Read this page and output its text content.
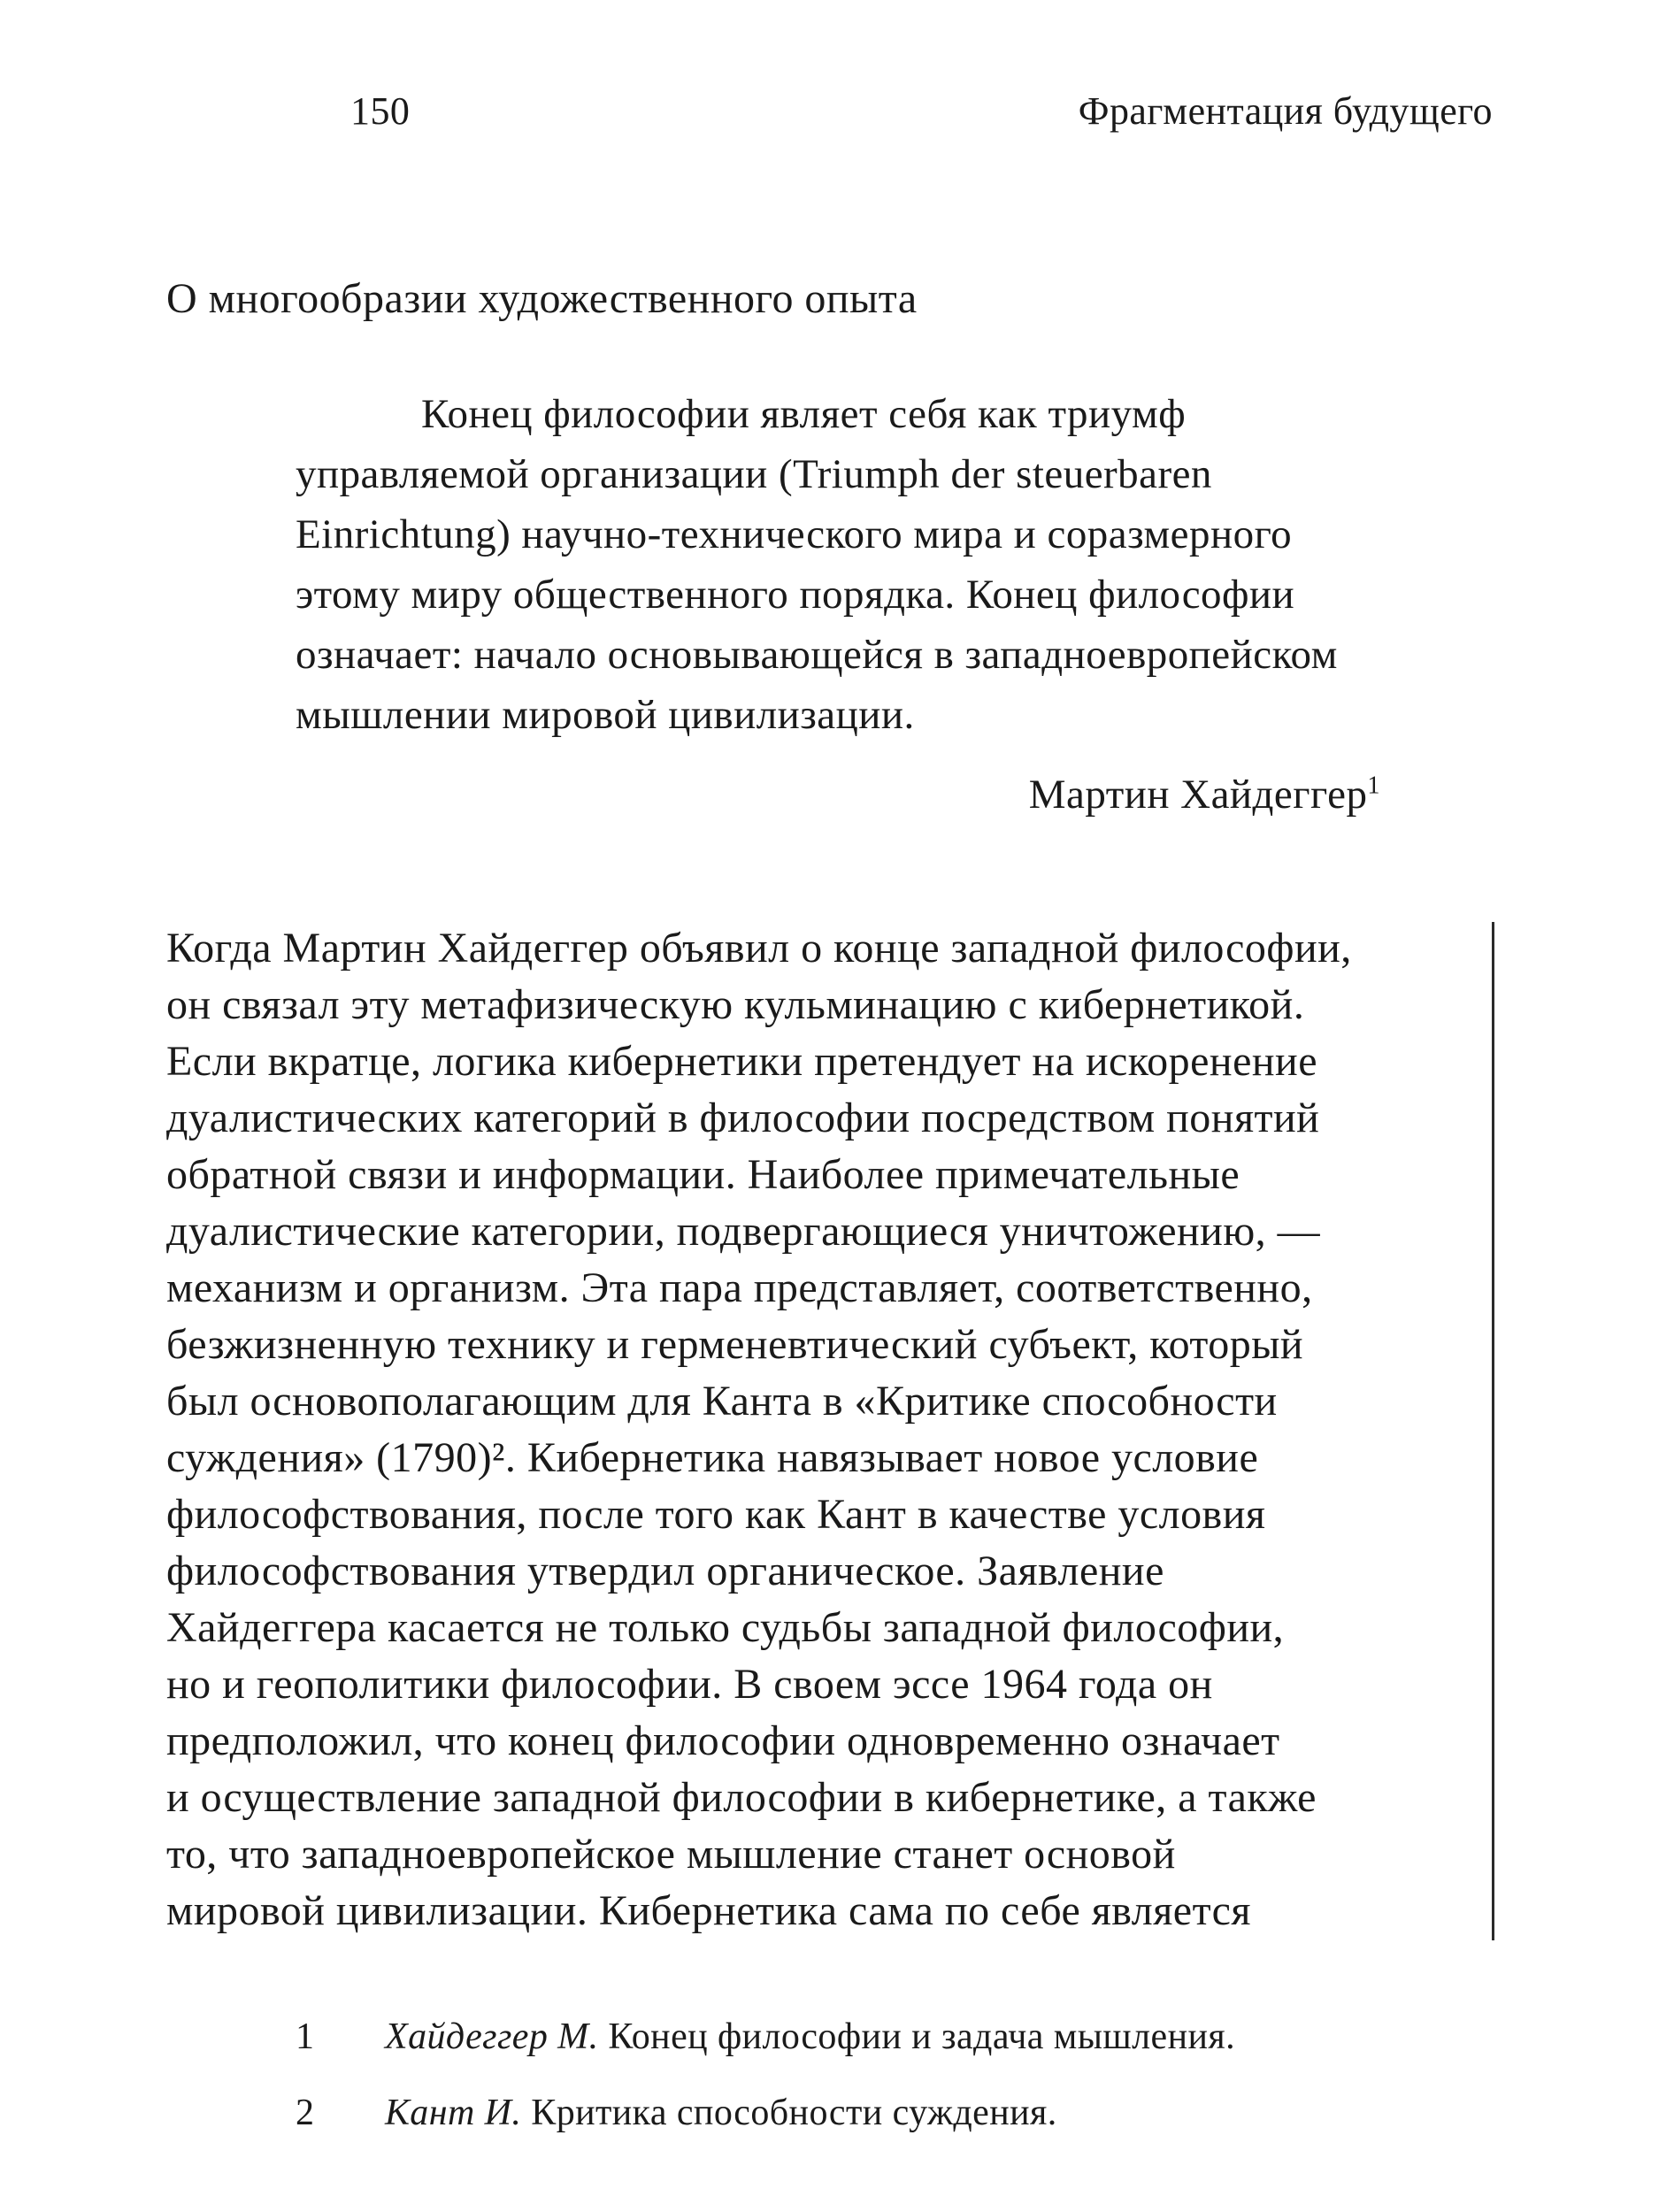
150	Фрагментация будущего
О многообразии художественного опыта
Конец философии являет себя как триумф
управляемой организации (Triumph der steuerbaren
Einrichtung) научно-технического мира и соразмерного
этому миру общественного порядка. Конец философии
означает: начало основывающейся в западноевропейском
мышлении мировой цивилизации.
Мартин Хайдеггер$^1$
Когда Мартин Хайдеггер объявил о конце западной философии,
он связал эту метафизическую кульминацию с кибернетикой.
Если вкратце, логика кибернетики претендует на искоренение
дуалистических категорий в философии посредством понятий
обратной связи и информации. Наиболее примечательные
дуалистические категории, подвергающиеся уничтожению, —
механизм и организм. Эта пара представляет, соответственно,
безжизненную технику и герменевтический субъект, который
был основополагающим для Канта в «Критике способности
суждения» (1790)². Кибернетика навязывает новое условие
философствования, после того как Кант в качестве условия
философствования утвердил органическое. Заявление
Хайдеггера касается не только судьбы западной философии,
но и геополитики философии. В своем эссе 1964 года он
предположил, что конец философии одновременно означает
и осуществление западной философии в кибернетике, а также
то, что западноевропейское мышление станет основой
мировой цивилизации. Кибернетика сама по себе является
1 Хайдеггер М. Конец философии и задача мышления.
2 Кант И. Критика способности суждения.
